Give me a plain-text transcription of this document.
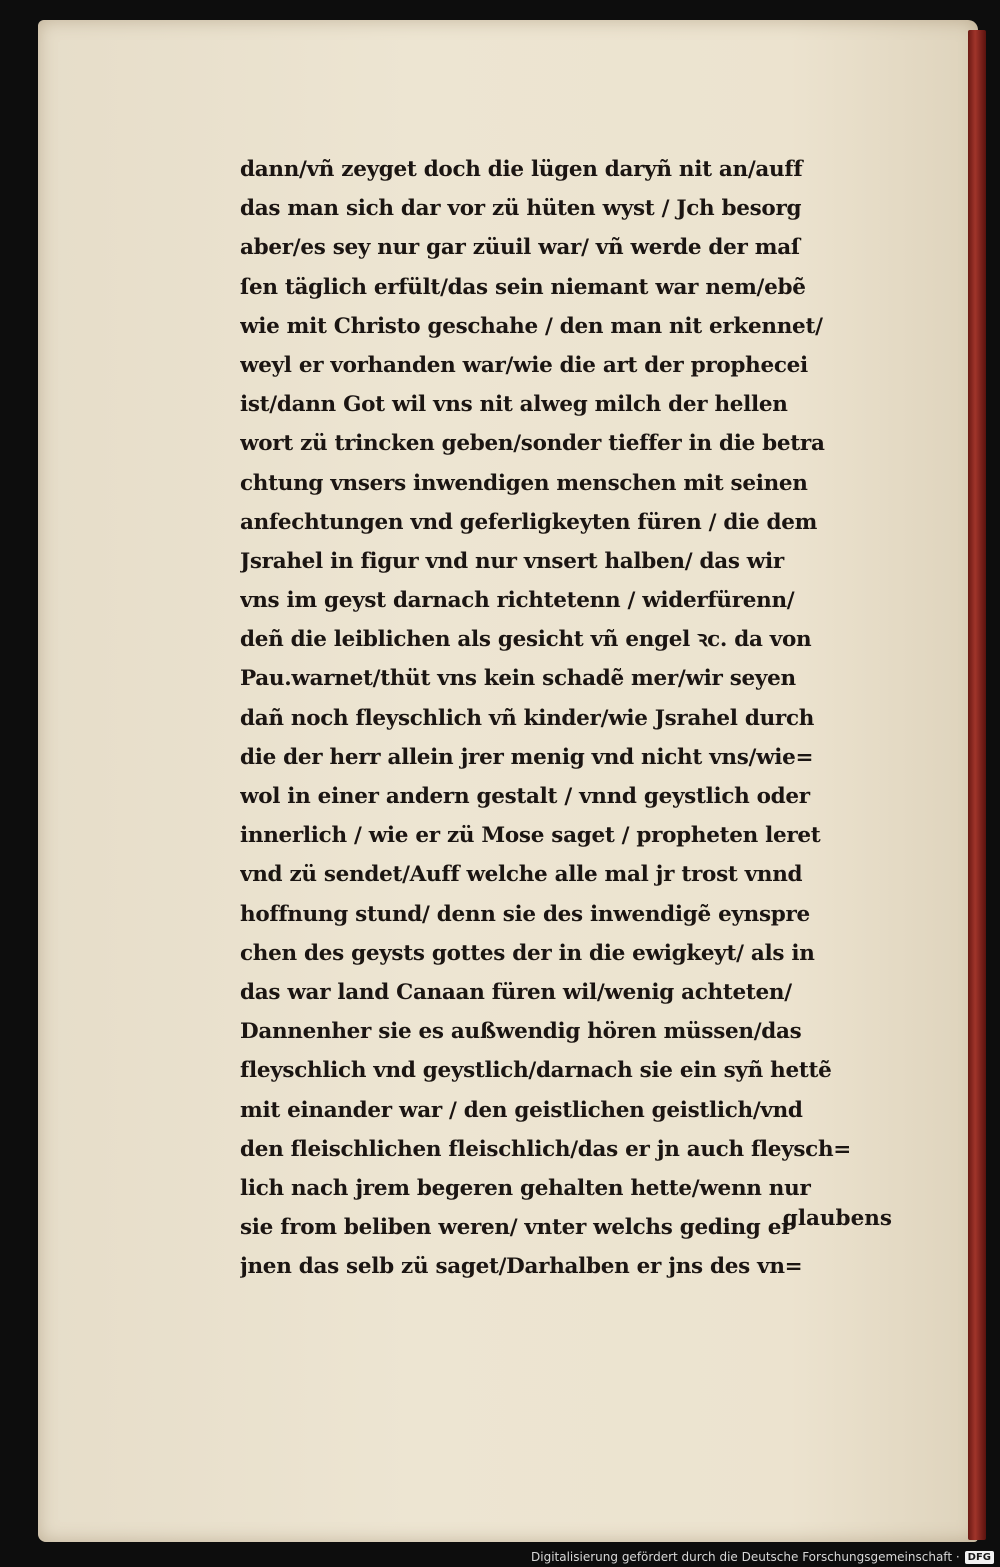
dann/vñ zeyget doch die lügen daryñ nit an/auff
das man sich dar vor zü hüten wyst / Jch besorg
aber/es sey nur gar züuil war/ vñ werde der maſ
ſen täglich erfült/das sein niemant war nem/ebẽ
wie mit Christo geschahe / den man nit erkennet/
weyl er vorhanden war/wie die art der prophecei
ist/dann Got wil vns nit alweg milch der hellen
wort zü trincken geben/sonder tieffer in die betra
chtung vnsers inwendigen menschen mit seinen
anfechtungen vnd geferligkeyten füren / die dem
Jsrahel in figur vnd nur vnsert halben/ das wir
vns im geyst darnach richtetenn / widerfürenn/
deñ die leiblichen als gesicht vñ engel ꝛc. da von
Pau.warnet/thüt vns kein schadẽ mer/wir seyen
dañ noch fleyschlich vñ kinder/wie Jsrahel durch
die der herr allein jrer menig vnd nicht vns/wie=
wol in einer andern gestalt / vnnd geystlich oder
innerlich / wie er zü Mose saget / propheten leret
vnd zü sendet/Auff welche alle mal jr trost vnnd
hoffnung stund/ denn sie des inwendigẽ eynspre
chen des geysts gottes der in die ewigkeyt/ als in
das war land Canaan füren wil/wenig achteten/
Dannenher sie es außwendig hören müssen/das
fleyschlich vnd geystlich/darnach sie ein syñ hettẽ
mit einander war / den geistlichen geistlich/vnd
den fleischlichen fleischlich/das er jn auch fleysch=
lich nach jrem begeren gehalten hette/wenn nur
sie from beliben weren/ vnter welchs geding er
jnen das selb zü saget/Darhalben er jns des vn=
glaubens
Digitalisierung gefördert durch die Deutsche Forschungsgemeinschaft · DFG
